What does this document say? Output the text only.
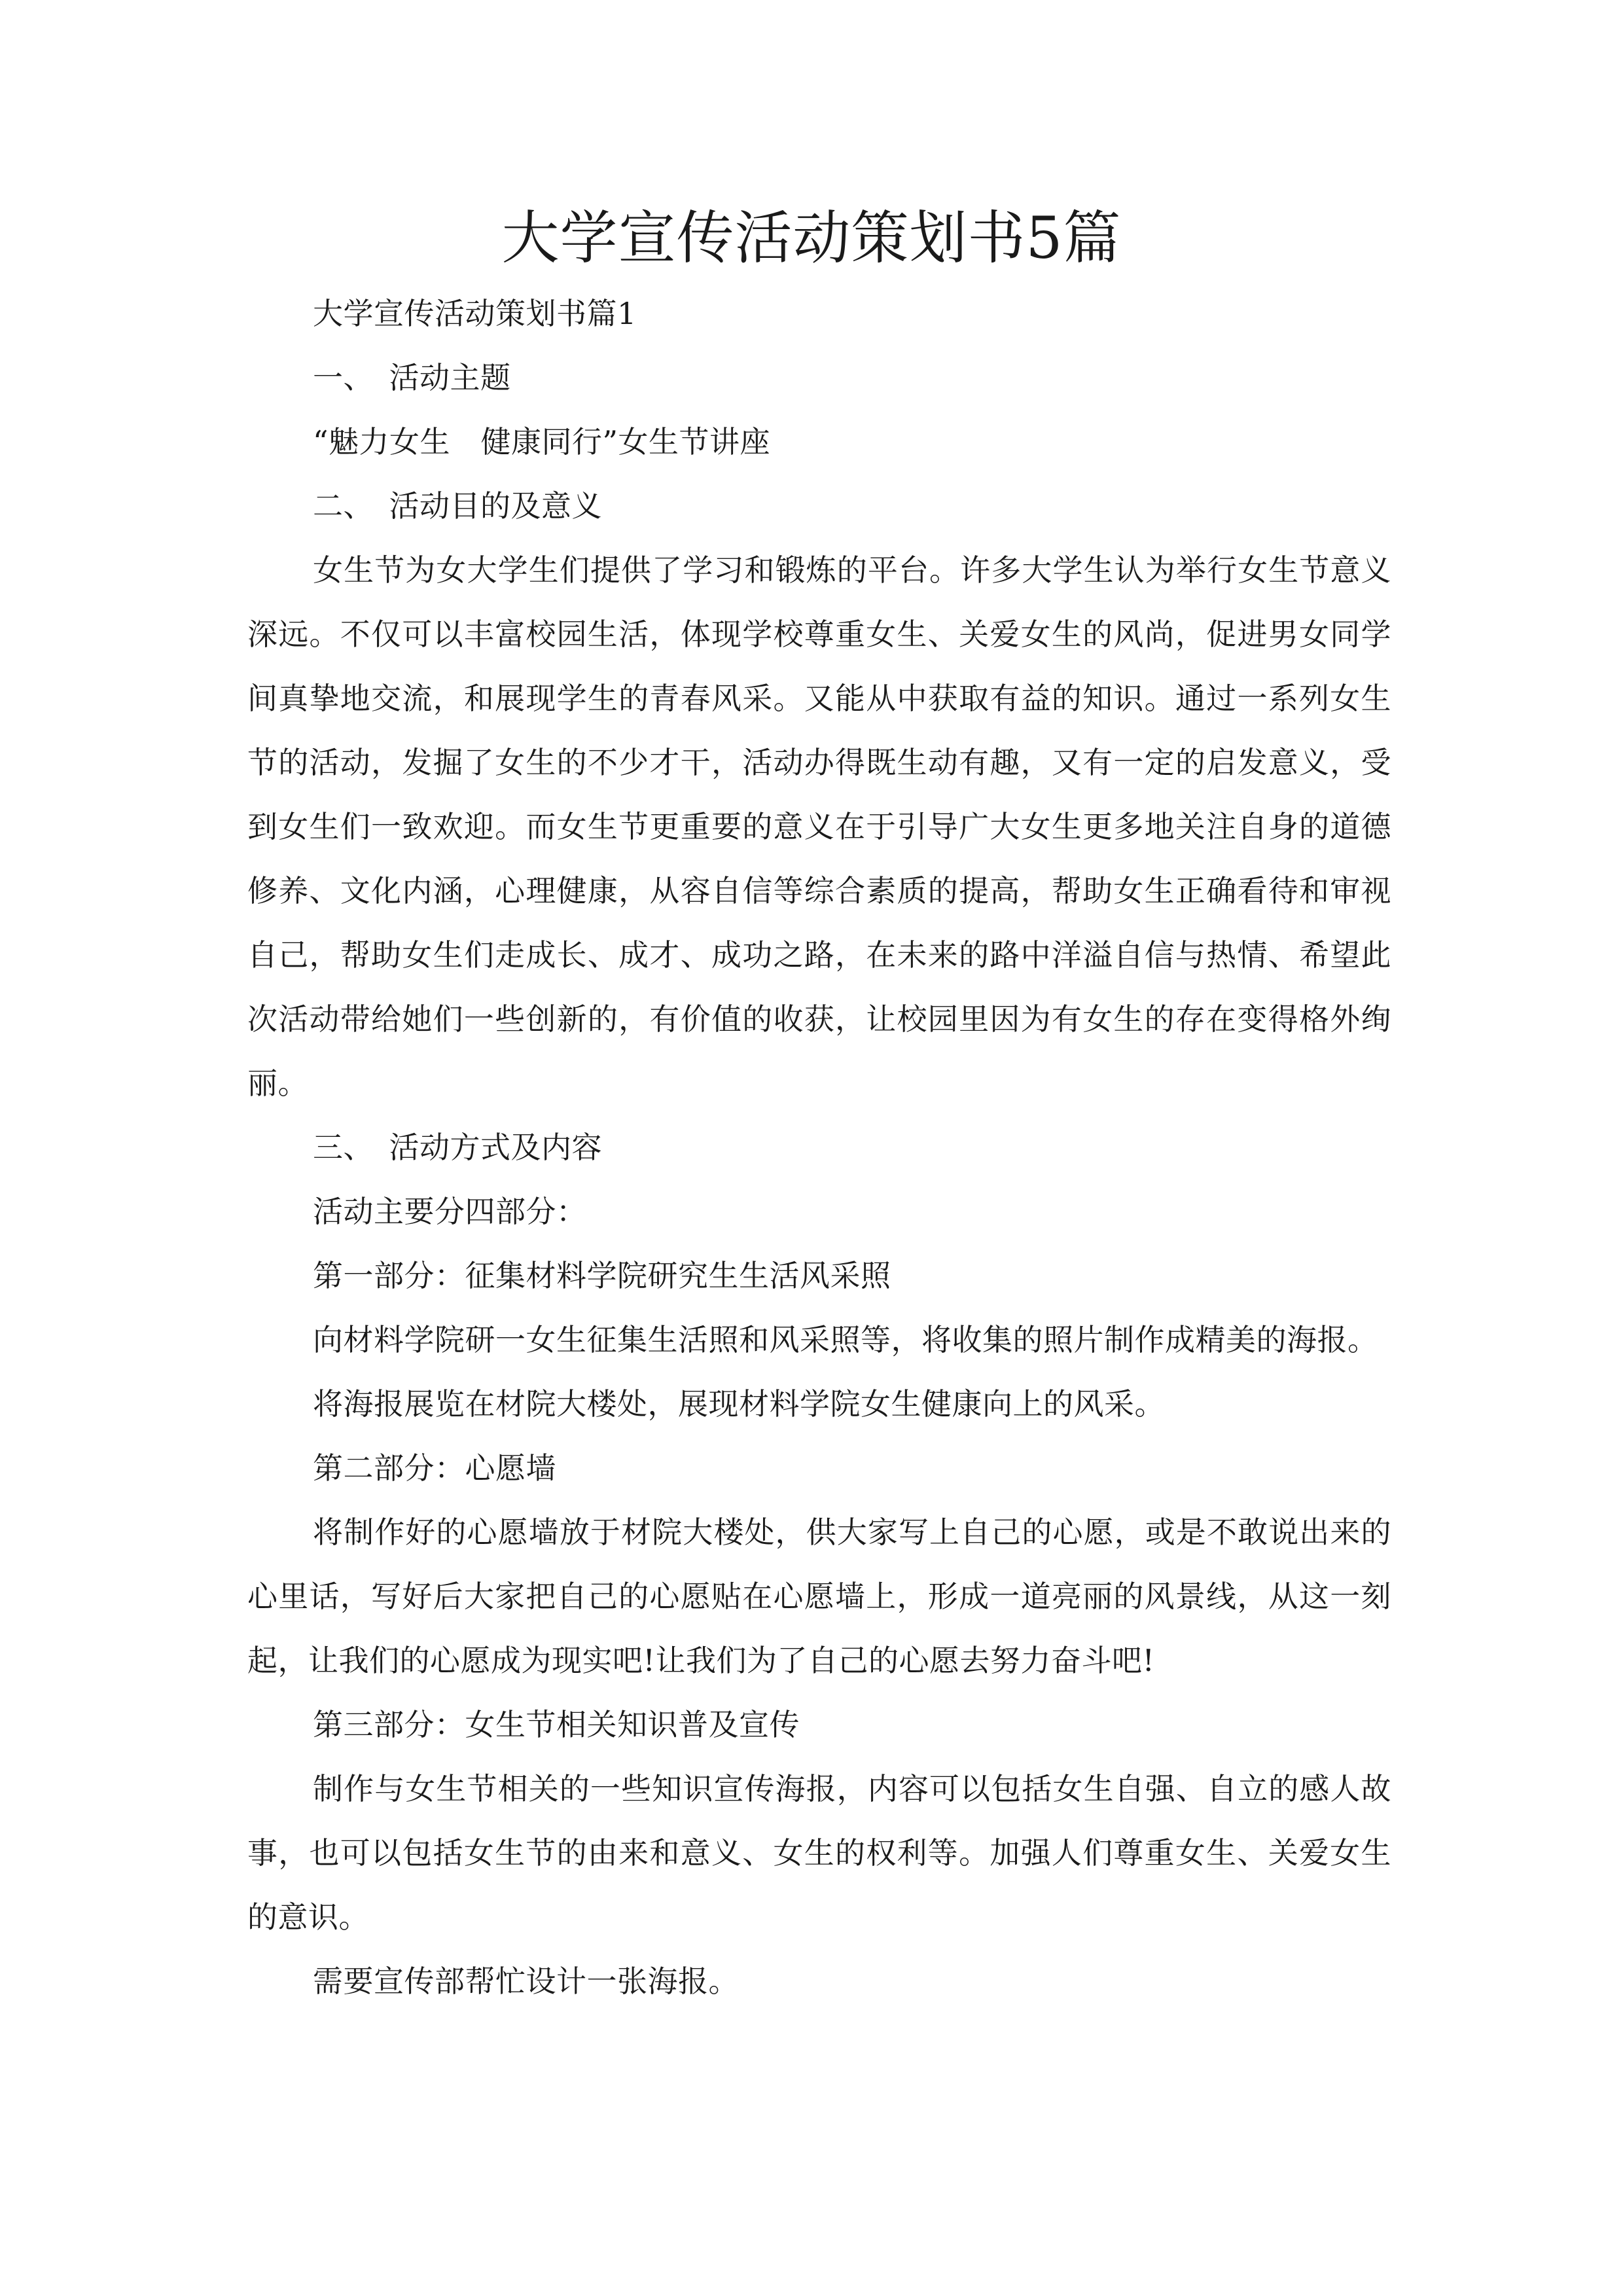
大学宣传活动策划书5篇

大学宣传活动策划书篇1

一、　活动主题

“魅力女生　健康同行”女生节讲座

二、　活动目的及意义

女生节为女大学生们提供了学习和锻炼的平台。许多大学生认为举行女生节意义深远。不仅可以丰富校园生活，体现学校尊重女生、关爱女生的风尚，促进男女同学间真挚地交流，和展现学生的青春风采。又能从中获取有益的知识。通过一系列女生节的活动，发掘了女生的不少才干，活动办得既生动有趣，又有一定的启发意义，受到女生们一致欢迎。而女生节更重要的意义在于引导广大女生更多地关注自身的道德修养、文化内涵，心理健康，从容自信等综合素质的提高，帮助女生正确看待和审视自己，帮助女生们走成长、成才、成功之路，在未来的路中洋溢自信与热情、希望此次活动带给她们一些创新的，有价值的收获，让校园里因为有女生的存在变得格外绚丽。

三、　活动方式及内容

活动主要分四部分：

第一部分：征集材料学院研究生生活风采照

向材料学院研一女生征集生活照和风采照等，将收集的照片制作成精美的海报。

将海报展览在材院大楼处，展现材料学院女生健康向上的风采。

第二部分：心愿墙

将制作好的心愿墙放于材院大楼处，供大家写上自己的心愿，或是不敢说出来的心里话，写好后大家把自己的心愿贴在心愿墙上，形成一道亮丽的风景线，从这一刻起，让我们的心愿成为现实吧!让我们为了自己的心愿去努力奋斗吧!

第三部分：女生节相关知识普及宣传

制作与女生节相关的一些知识宣传海报，内容可以包括女生自强、自立的感人故事，也可以包括女生节的由来和意义、女生的权利等。加强人们尊重女生、关爱女生的意识。

需要宣传部帮忙设计一张海报。
